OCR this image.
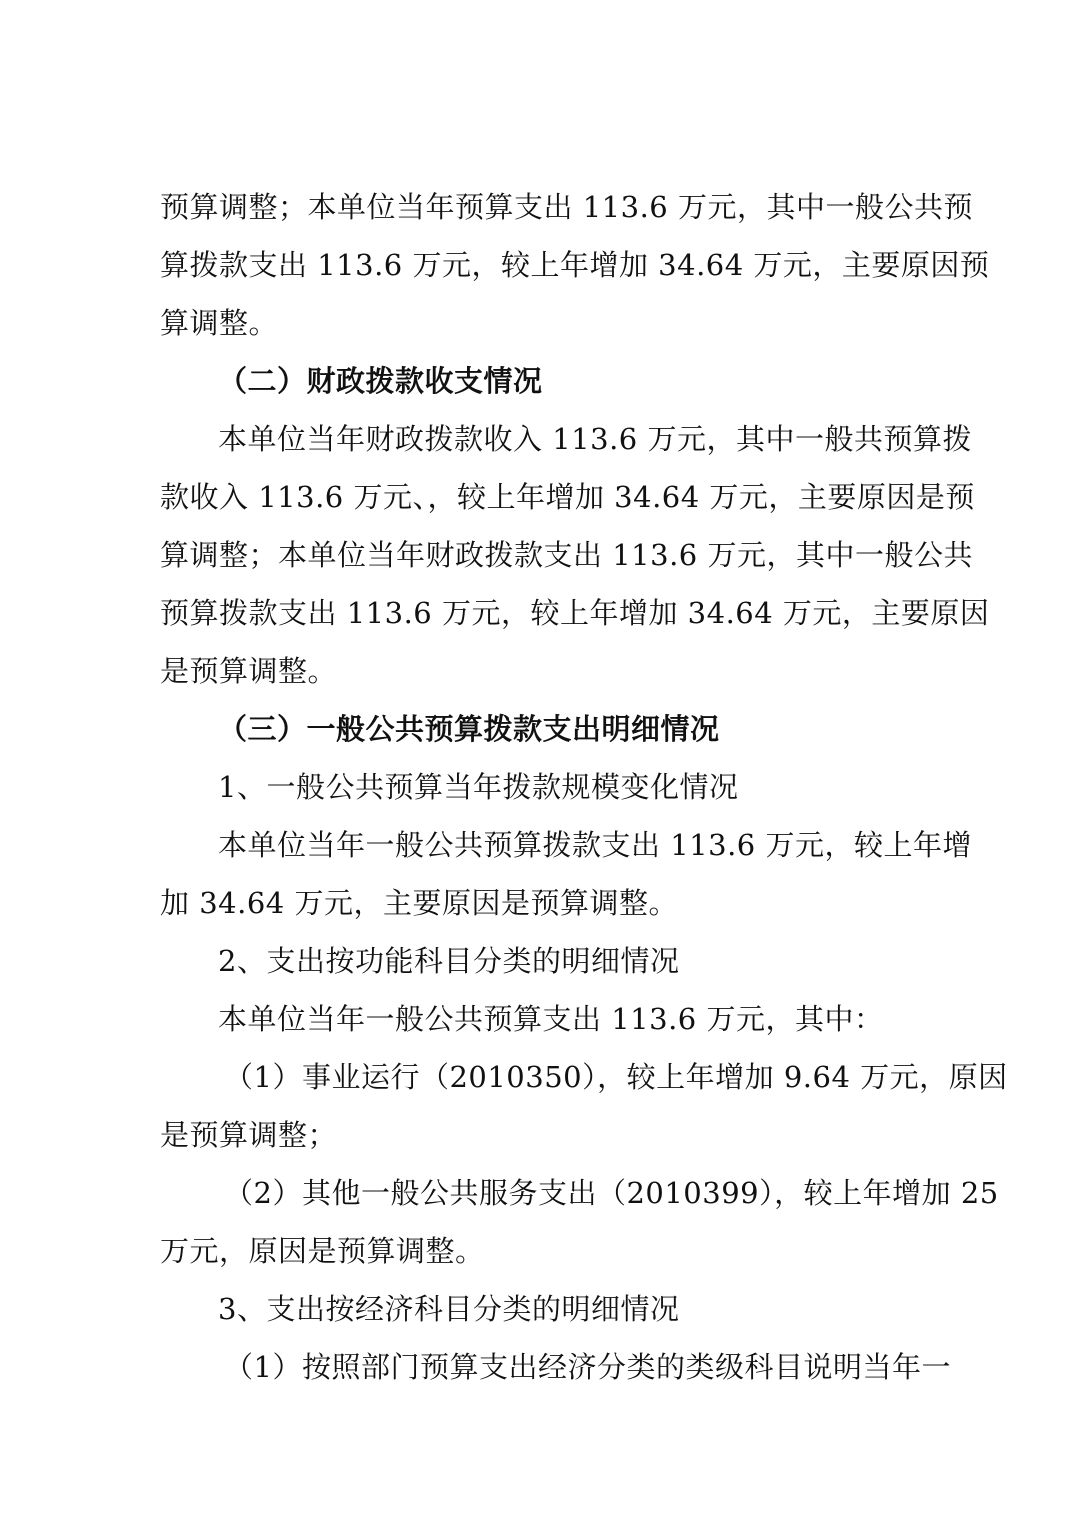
预算调整；本单位当年预算支出 113.6 万元，其中一般公共预
算拨款支出 113.6 万元，较上年增加 34.64 万元，主要原因预
算调整。
（二）财政拨款收支情况
本单位当年财政拨款收入 113.6 万元，其中一般共预算拨
款收入 113.6 万元、，较上年增加 34.64 万元，主要原因是预
算调整；本单位当年财政拨款支出 113.6 万元，其中一般公共
预算拨款支出 113.6 万元，较上年增加 34.64 万元，主要原因
是预算调整。
（三）一般公共预算拨款支出明细情况
1、一般公共预算当年拨款规模变化情况
本单位当年一般公共预算拨款支出 113.6 万元，较上年增
加 34.64 万元，主要原因是预算调整。
2、支出按功能科目分类的明细情况
本单位当年一般公共预算支出 113.6 万元，其中：
（1）事业运行（2010350），较上年增加 9.64 万元，原因
是预算调整；
（2）其他一般公共服务支出（2010399），较上年增加 25
万元，原因是预算调整。
3、支出按经济科目分类的明细情况
（1）按照部门预算支出经济分类的类级科目说明当年一
